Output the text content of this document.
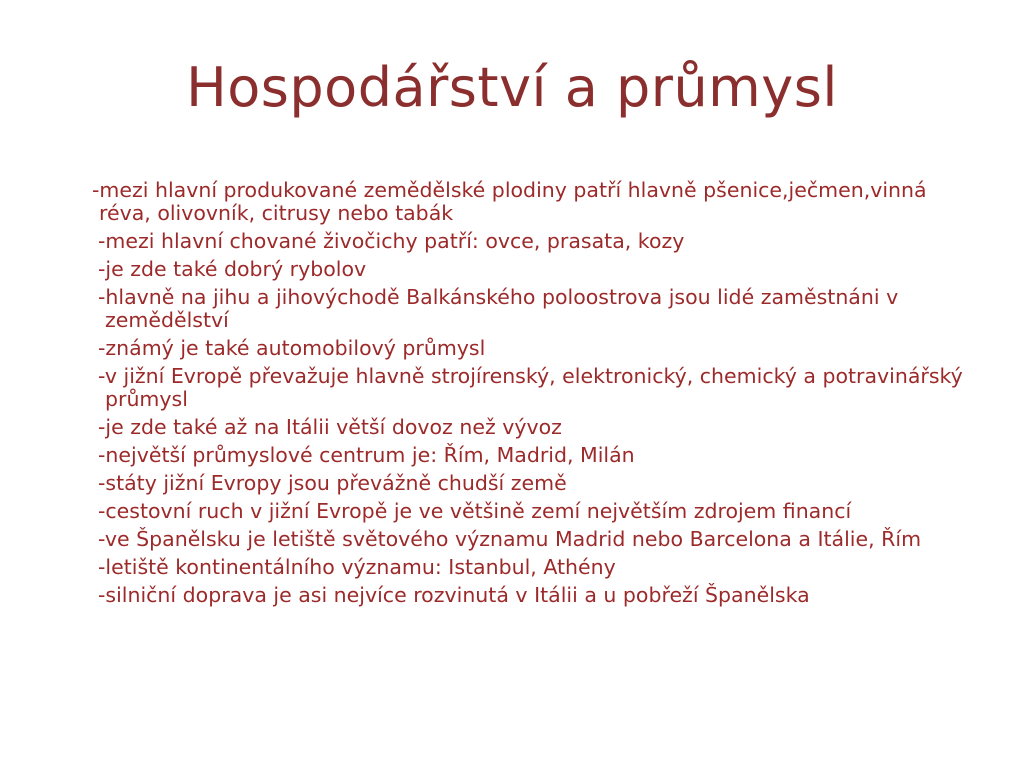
Hospodářství a průmysl
-mezi hlavní produkované zemědělské plodiny patří hlavně pšenice,ječmen,vinná réva, olivovník, citrusy nebo tabák
-mezi hlavní chované živočichy patří: ovce, prasata, kozy
-je zde také dobrý rybolov
-hlavně na jihu a jihovýchodě Balkánského poloostrova jsou lidé zaměstnáni v zemědělství
-známý je také automobilový průmysl
-v jižní Evropě převažuje hlavně strojírenský, elektronický, chemický a potravinářský průmysl
-je zde také až na Itálii větší dovoz než vývoz
-největší průmyslové centrum je: Řím, Madrid, Milán
-státy jižní Evropy jsou převážně chudší země
-cestovní ruch v jižní Evropě je ve většině zemí největším zdrojem financí
-ve Španělsku je letiště světového významu Madrid nebo Barcelona a Itálie, Řím
-letiště kontinentálního významu: Istanbul, Athény
-silniční doprava je asi nejvíce rozvinutá v Itálii a u pobřeží Španělska
